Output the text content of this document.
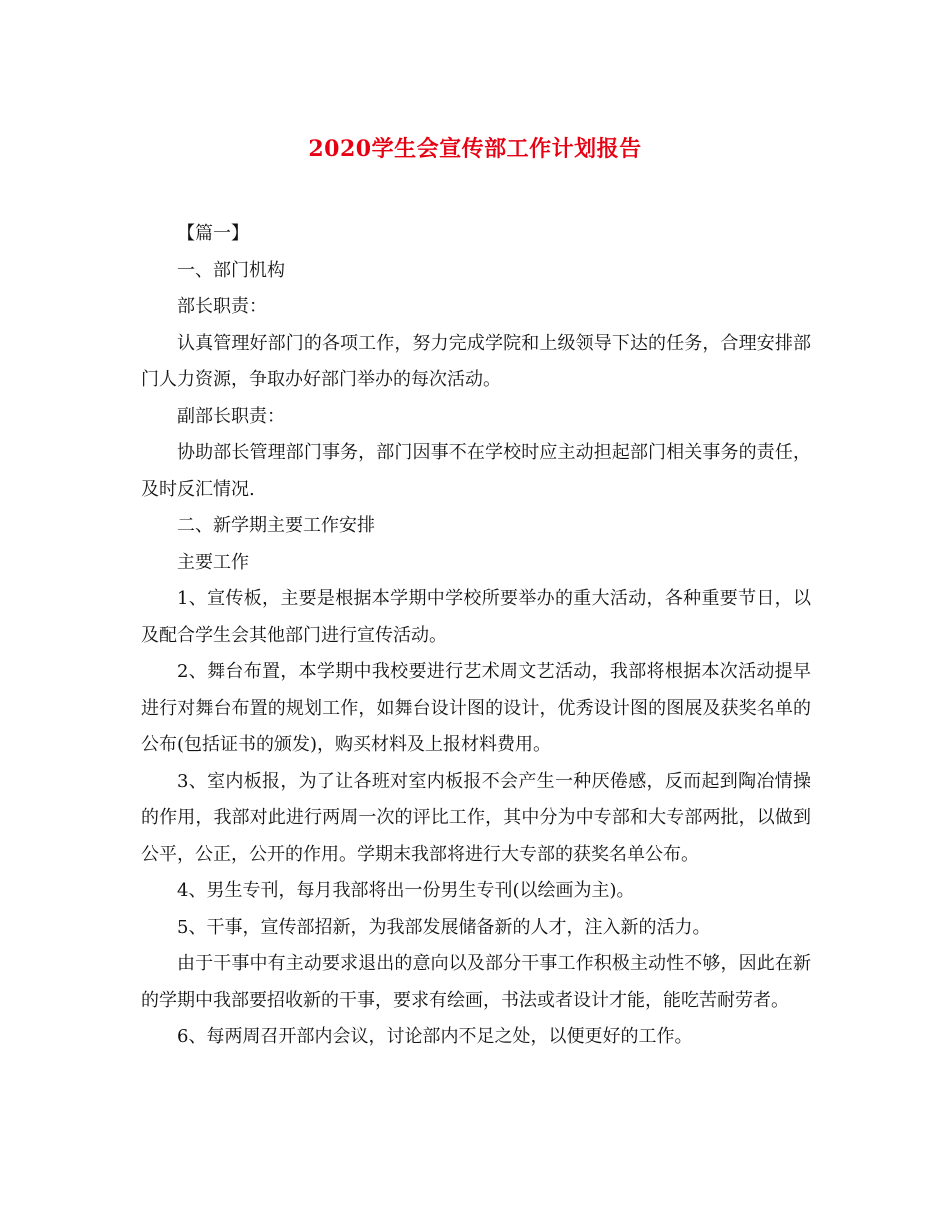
2020学生会宣传部工作计划报告

【篇一】

一、部门机构

部长职责：

认真管理好部门的各项工作，努力完成学院和上级领导下达的任务，合理安排部门人力资源，争取办好部门举办的每次活动。

副部长职责：

协助部长管理部门事务，部门因事不在学校时应主动担起部门相关事务的责任，及时反汇情况.

二、新学期主要工作安排

主要工作

1、宣传板，主要是根据本学期中学校所要举办的重大活动，各种重要节日，以及配合学生会其他部门进行宣传活动。

2、舞台布置，本学期中我校要进行艺术周文艺活动，我部将根据本次活动提早进行对舞台布置的规划工作，如舞台设计图的设计，优秀设计图的图展及获奖名单的公布(包括证书的颁发)，购买材料及上报材料费用。

3、室内板报，为了让各班对室内板报不会产生一种厌倦感，反而起到陶冶情操的作用，我部对此进行两周一次的评比工作，其中分为中专部和大专部两批，以做到公平，公正，公开的作用。学期末我部将进行大专部的获奖名单公布。

4、男生专刊，每月我部将出一份男生专刊(以绘画为主)。

5、干事，宣传部招新，为我部发展储备新的人才，注入新的活力。

由于干事中有主动要求退出的意向以及部分干事工作积极主动性不够，因此在新的学期中我部要招收新的干事，要求有绘画，书法或者设计才能，能吃苦耐劳者。

6、每两周召开部内会议，讨论部内不足之处，以便更好的工作。
